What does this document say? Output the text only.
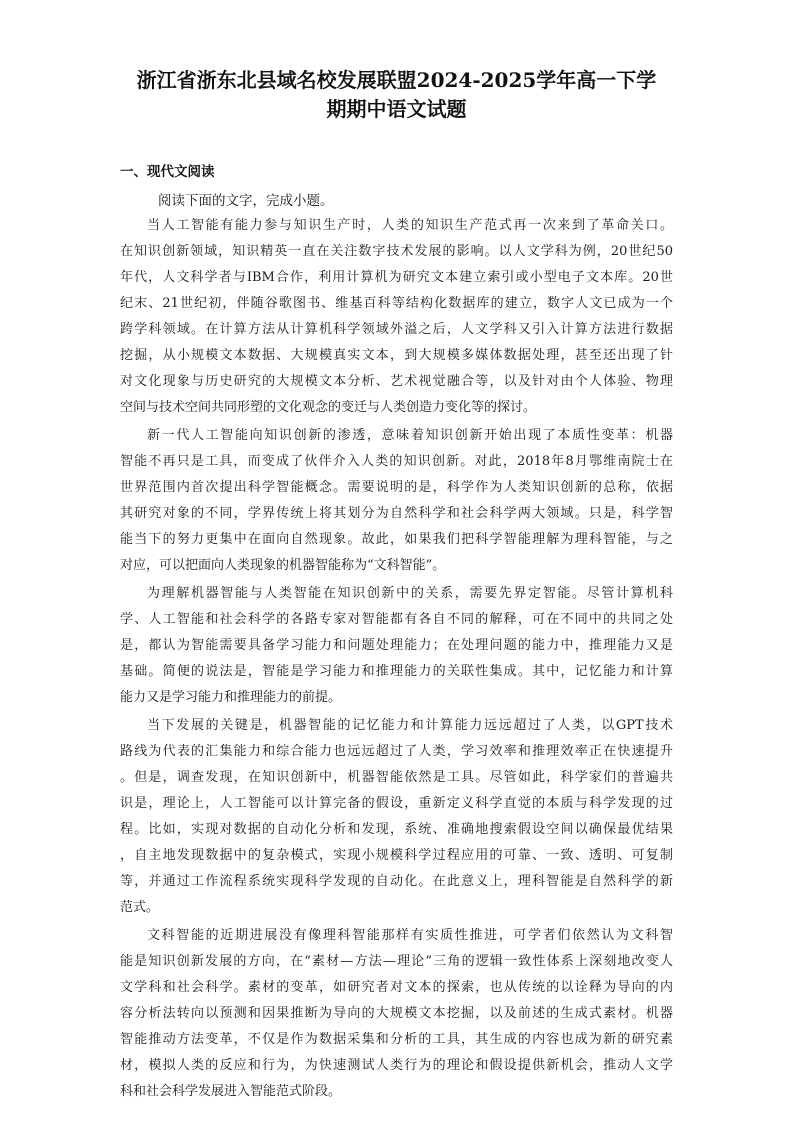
浙江省浙东北县域名校发展联盟2024-2025学年高一下学
期期中语文试题
一、现代文阅读
阅读下面的文字，完成小题。
当人工智能有能力参与知识生产时，人类的知识生产范式再一次来到了革命关口。
在知识创新领域，知识精英一直在关注数字技术发展的影响。以人文学科为例，20世纪50
年代，人文科学者与IBM合作，利用计算机为研究文本建立索引或小型电子文本库。20世
纪末、21世纪初，伴随谷歌图书、维基百科等结构化数据库的建立，数字人文已成为一个
跨学科领域。在计算方法从计算机科学领域外溢之后，人文学科又引入计算方法进行数据
挖掘，从小规模文本数据、大规模真实文本，到大规模多媒体数据处理，甚至还出现了针
对文化现象与历史研究的大规模文本分析、艺术视觉融合等，以及针对由个人体验、物理
空间与技术空间共同形塑的文化观念的变迁与人类创造力变化等的探讨。
新一代人工智能向知识创新的渗透，意味着知识创新开始出现了本质性变革：机器
智能不再只是工具，而变成了伙伴介入人类的知识创新。对此，2018年8月鄂维南院士在
世界范围内首次提出科学智能概念。需要说明的是，科学作为人类知识创新的总称，依据
其研究对象的不同，学界传统上将其划分为自然科学和社会科学两大领域。只是，科学智
能当下的努力更集中在面向自然现象。故此，如果我们把科学智能理解为理科智能，与之
对应，可以把面向人类现象的机器智能称为“文科智能”。
为理解机器智能与人类智能在知识创新中的关系，需要先界定智能。尽管计算机科
学、人工智能和社会科学的各路专家对智能都有各自不同的解释，可在不同中的共同之处
是，都认为智能需要具备学习能力和问题处理能力；在处理问题的能力中，推理能力又是
基础。简便的说法是，智能是学习能力和推理能力的关联性集成。其中，记忆能力和计算
能力又是学习能力和推理能力的前提。
当下发展的关键是，机器智能的记忆能力和计算能力远远超过了人类，以GPT技术
路线为代表的汇集能力和综合能力也远远超过了人类，学习效率和推理效率正在快速提升
。但是，调查发现，在知识创新中，机器智能依然是工具。尽管如此，科学家们的普遍共
识是，理论上，人工智能可以计算完备的假设，重新定义科学直觉的本质与科学发现的过
程。比如，实现对数据的自动化分析和发现，系统、准确地搜索假设空间以确保最优结果
，自主地发现数据中的复杂模式，实现小规模科学过程应用的可靠、一致、透明、可复制
等，并通过工作流程系统实现科学发现的自动化。在此意义上，理科智能是自然科学的新
范式。
文科智能的近期进展没有像理科智能那样有实质性推进，可学者们依然认为文科智
能是知识创新发展的方向，在“素材—方法—理论”三角的逻辑一致性体系上深刻地改变人
文学科和社会科学。素材的变革，如研究者对文本的探索，也从传统的以诠释为导向的内
容分析法转向以预测和因果推断为导向的大规模文本挖掘，以及前述的生成式素材。机器
智能推动方法变革，不仅是作为数据采集和分析的工具，其生成的内容也成为新的研究素
材，模拟人类的反应和行为，为快速测试人类行为的理论和假设提供新机会，推动人文学
科和社会科学发展进入智能范式阶段。
